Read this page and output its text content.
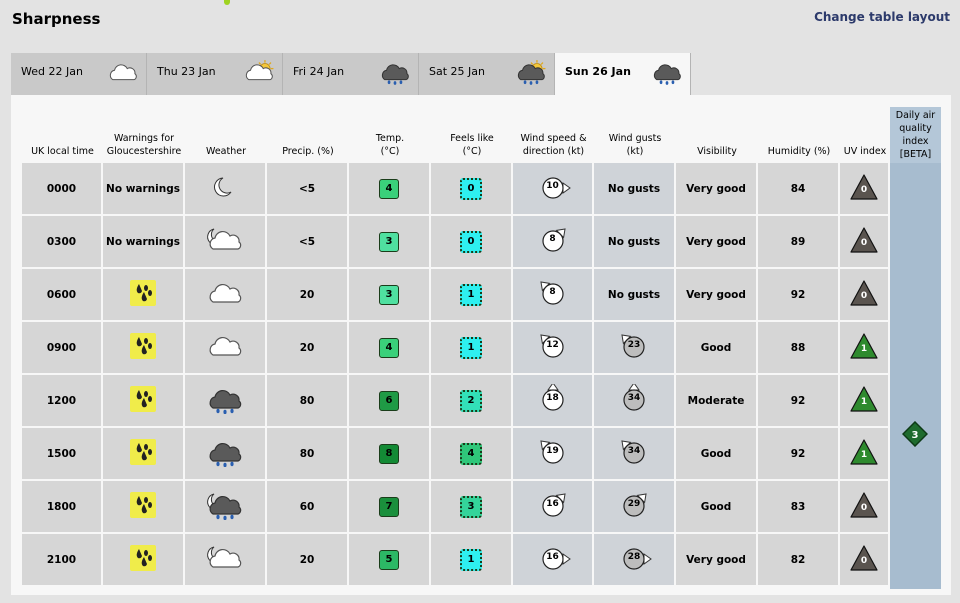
Sharpness	Change table layout
Wed 22 Jan	Thu 23 Jan	Fri 24 Jan	Sat 25 Jan	Sun 26 Jan
UK local time	Warnings for Gloucestershire	Weather	Precip. (%)	Temp. (°C)	Feels like (°C)	Wind speed & direction (kt)	Wind gusts (kt)	Visibility	Humidity (%)	UV index
0000	No warnings		<5	4	0	10	No gusts	Very good	84	0

0300	No warnings		<5	3	0	8	No gusts	Very good	89	0

0600			20	3	1	8	No gusts	Very good	92	0

0900			20	4	1	12	23	Good	88	1

1200			80	6	2	18	34	Moderate	92	1

1500			80	8	4	19	34	Good	92	1

1800			60	7	3	16	29	Good	83	0

2100			20	5	1	16	28	Very good	82	0
Daily air quality index [BETA]
3
